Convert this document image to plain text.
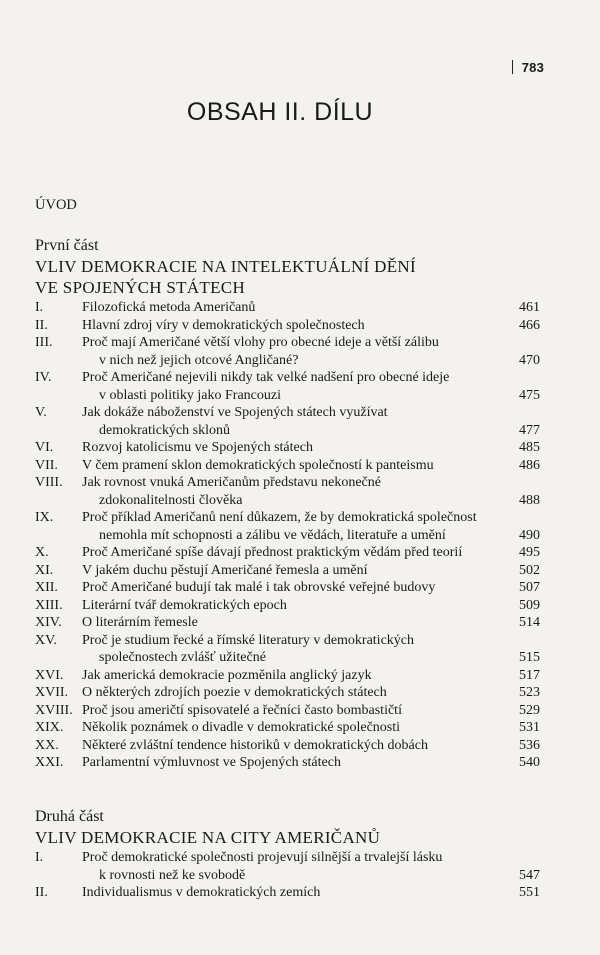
783
OBSAH II. DÍLU
ÚVOD
První část
VLIV DEMOKRACIE NA INTELEKTUÁLNÍ DĚNÍ
VE SPOJENÝCH STÁTECH
I.	Filozofická metoda Američanů	461
II. Hlavní zdroj víry v demokratických společnostech	466
III. Proč mají Američané větší vlohy pro obecné ideje a větší zálibu
v nich než jejich otcové Angličané?	470
IV. Proč Američané nejevili nikdy tak velké nadšení pro obecné ideje
v oblasti politiky jako Francouzi	475
V.	Jak dokáže náboženství ve Spojených státech využívat
demokratických sklonů	477
VI. Rozvoj katolicismu ve Spojených státech	485
VII. V čem pramení sklon demokratických společností k panteismu	486
VIII. Jak rovnost vnuká Američanům představu nekonečné
zdokonalitelnosti člověka	488
IX. Proč příklad Američanů není důkazem, že by demokratická společnost
nemohla mít schopnosti a zálibu ve vědách, literatuře a umění	490
X. Proč Američané spíše dávají přednost praktickým vědám před teorií	495
XI. V jakém duchu pěstují Američané řemesla a umění	502
XII. Proč Američané budují tak malé i tak obrovské veřejné budovy	507
XIII. Literární tvář demokratických epoch	509
XIV. O literárním řemesle	514
XV. Proč je studium řecké a římské literatury v demokratických
společnostech zvlášť užitečné	515
XVI. Jak americká demokracie pozměnila anglický jazyk	517
XVII. O některých zdrojích poezie v demokratických státech	523
XVIII. Proč jsou američtí spisovatelé a řečníci často bombastičtí	529
XIX. Několik poznámek o divadle v demokratické společnosti	531
XX. Některé zvláštní tendence historiků v demokratických dobách	536
XXI. Parlamentní výmluvnost ve Spojených státech	540
Druhá část
VLIV DEMOKRACIE NA CITY AMERIČANŮ
I.	Proč demokratické společnosti projevují silnější a trvalejší lásku
k rovnosti než ke svobodě	547
II. Individualismus v demokratických zemích	551
